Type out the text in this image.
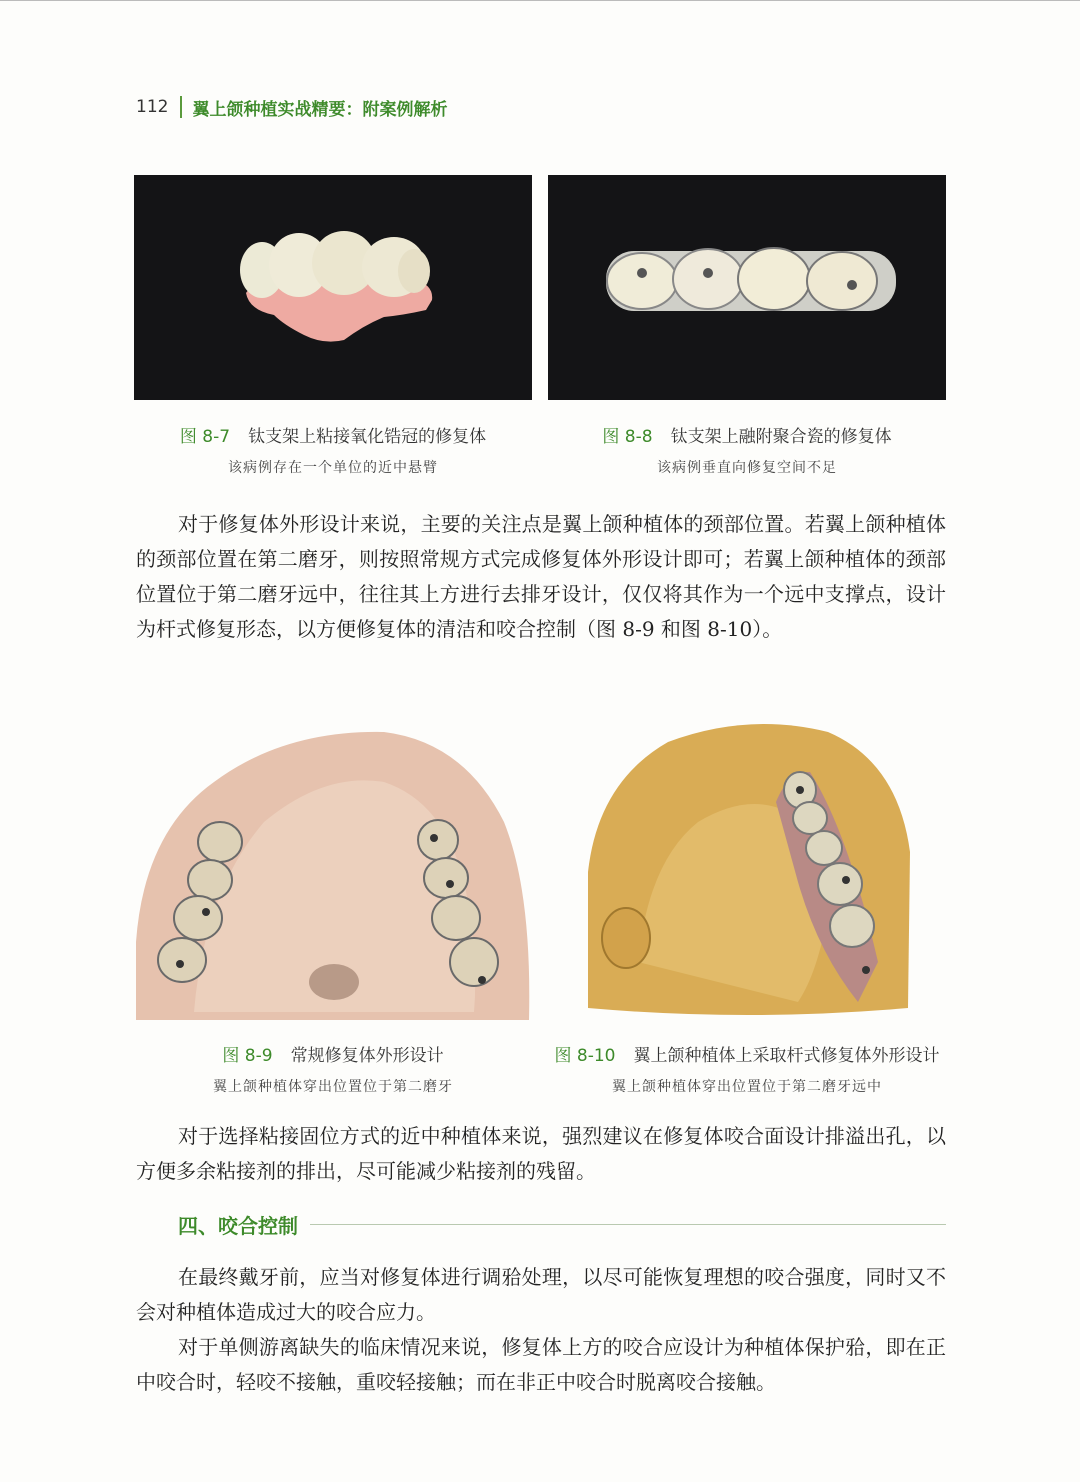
112 翼上颌种植实战精要：附案例解析
图 8-7 钛支架上粘接氧化锆冠的修复体
该病例存在一个单位的近中悬臂
图 8-8 钛支架上融附聚合瓷的修复体
该病例垂直向修复空间不足

对于修复体外形设计来说，主要的关注点是翼上颌种植体的颈部位置。若翼上颌种植体的颈部位置在第二磨牙，则按照常规方式完成修复体外形设计即可；若翼上颌种植体的颈部位置位于第二磨牙远中，往往其上方进行去排牙设计，仅仅将其作为一个远中支撑点，设计为杆式修复形态，以方便修复体的清洁和咬合控制（图 8-9 和图 8-10）。

图 8-9 常规修复体外形设计
翼上颌种植体穿出位置位于第二磨牙
图 8-10 翼上颌种植体上采取杆式修复体外形设计
翼上颌种植体穿出位置位于第二磨牙远中

对于选择粘接固位方式的近中种植体来说，强烈建议在修复体咬合面设计排溢出孔，以方便多余粘接剂的排出，尽可能减少粘接剂的残留。

四、咬合控制

在最终戴牙前，应当对修复体进行调𬌗处理，以尽可能恢复理想的咬合强度，同时又不会对种植体造成过大的咬合应力。

对于单侧游离缺失的临床情况来说，修复体上方的咬合应设计为种植体保护𬌗，即在正中咬合时，轻咬不接触，重咬轻接触；而在非正中咬合时脱离咬合接触。
